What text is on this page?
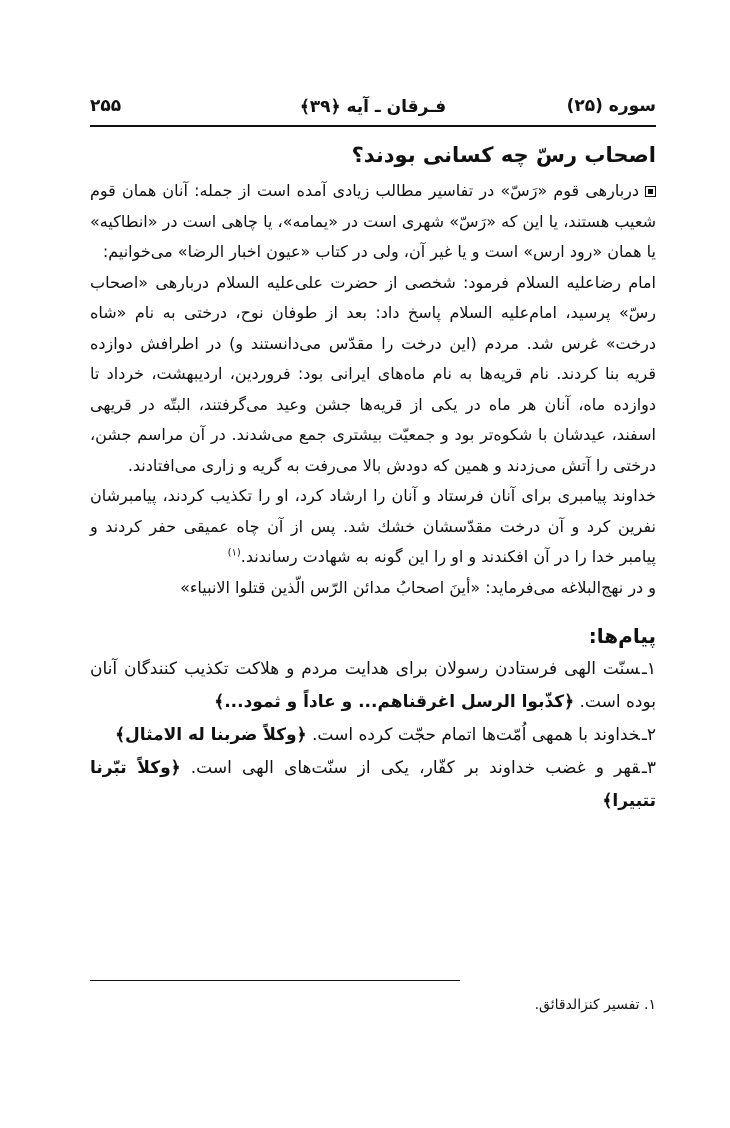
سوره (۲۵)
فـرقان ـ آيه ﴿۳۹﴾
۲۵۵
اصحاب رسّ چه كسانى بودند؟

دربارهى قوم «رَسّ» در تفاسير مطالب زيادى آمده است از جمله: آنان همان قوم شعيب هستند، يا اين كه «رَسّ» شهرى است در «يمامه»، يا چاهى است در «انطاكيه» يا همان «رود ارس» است و يا غير آن، ولى در كتاب «عيون اخبار الرضا» مى‌خوانيم:

امام رضاعليه السلام فرمود: شخصى از حضرت على‌عليه السلام دربارهى «اصحاب رسّ» پرسيد، امام‌عليه السلام پاسخ داد: بعد از طوفان نوح، درختى به نام «شاه درخت» غرس شد. مردم (اين درخت را مقدّس مى‌دانستند و) در اطرافش دوازده قريه بنا كردند. نام قريه‌ها به نام ماه‌هاى ايرانى بود: فروردين، ارديبهشت، خرداد تا دوازده ماه، آنان هر ماه در يكى از قريه‌ها جشن وعيد مى‌گرفتند، البتّه در قريهى اسفند، عيدشان با شكوه‌تر بود و جمعيّت بيشترى جمع مى‌شدند. در آن مراسم جشن، درختى را آتش مى‌زدند و همين كه دودش بالا مى‌رفت به گريه و زارى مى‌افتادند.

خداوند پيامبرى براى آنان فرستاد و آنان را ارشاد كرد، او را تكذيب كردند، پيامبرشان نفرين كرد و آن درخت مقدّسشان خشك شد. پس از آن چاه عميقى حفر كردند و پيامبر خدا را در آن افكندند و او را اين گونه به شهادت رساندند.$^{(۱)}$

و در نهج‌البلاغه مى‌فرمايد: «أينَ اصحابُ مدائن الرّس الّذين قتلوا الانبياء»

پيام‌ها:

۱ـسنّت الهى فرستادن رسولان براى هدايت مردم و هلاكت تكذيب كنندگان آنان بوده است. ﴿كذّبوا الرسل اغرقناهم... و عاداً و ثمود...﴾

۲ـخداوند با همهى اُمّت‌ها اتمام حجّت كرده است. ﴿وكلاً ضربنا له الامثال﴾

۳ـقهر و غضب خداوند بر كفّار، يكى از سنّت‌هاى الهى است. ﴿وكلاً تبّرنا تتبيرا﴾

۱. تفسير كنزالدقائق.
